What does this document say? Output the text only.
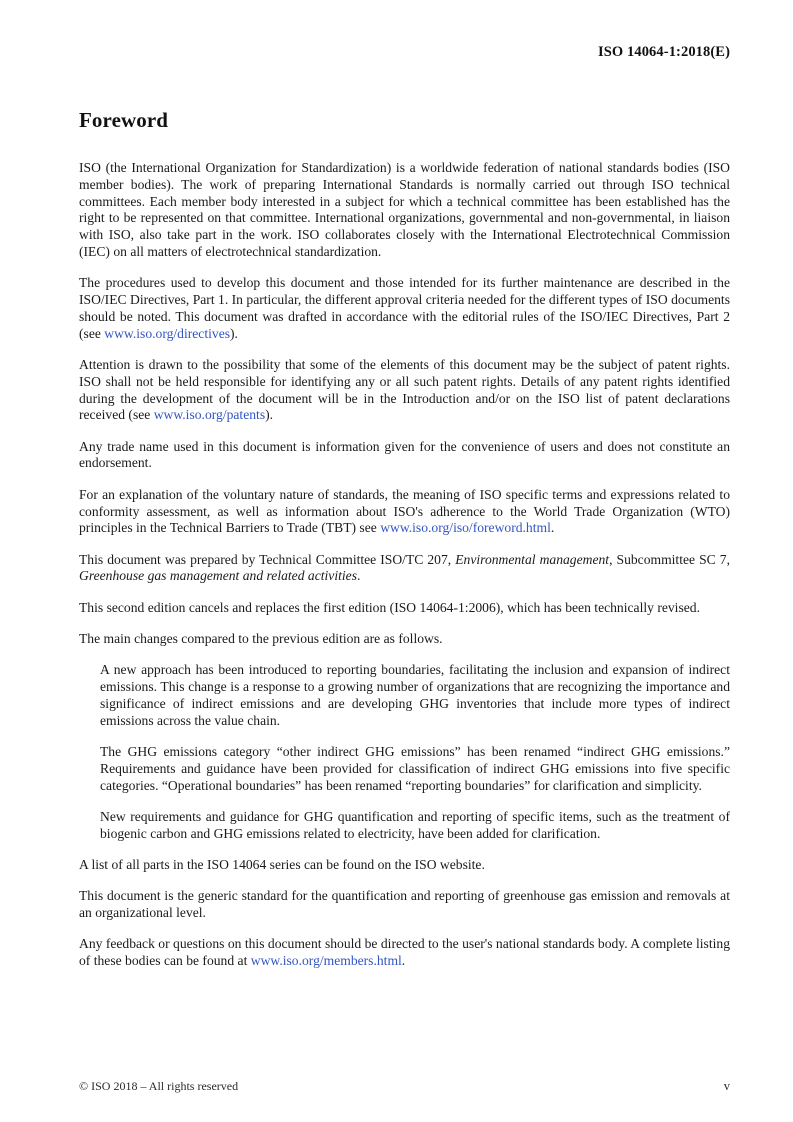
ISO 14064-1:2018(E)
Foreword

ISO (the International Organization for Standardization) is a worldwide federation of national standards bodies (ISO member bodies). The work of preparing International Standards is normally carried out through ISO technical committees. Each member body interested in a subject for which a technical committee has been established has the right to be represented on that committee. International organizations, governmental and non-governmental, in liaison with ISO, also take part in the work. ISO collaborates closely with the International Electrotechnical Commission (IEC) on all matters of electrotechnical standardization.

The procedures used to develop this document and those intended for its further maintenance are described in the ISO/IEC Directives, Part 1. In particular, the different approval criteria needed for the different types of ISO documents should be noted. This document was drafted in accordance with the editorial rules of the ISO/IEC Directives, Part 2 (see www.iso.org/directives).

Attention is drawn to the possibility that some of the elements of this document may be the subject of patent rights. ISO shall not be held responsible for identifying any or all such patent rights. Details of any patent rights identified during the development of the document will be in the Introduction and/or on the ISO list of patent declarations received (see www.iso.org/patents).

Any trade name used in this document is information given for the convenience of users and does not constitute an endorsement.

For an explanation of the voluntary nature of standards, the meaning of ISO specific terms and expressions related to conformity assessment, as well as information about ISO's adherence to the World Trade Organization (WTO) principles in the Technical Barriers to Trade (TBT) see www.iso.org/iso/foreword.html.

This document was prepared by Technical Committee ISO/TC 207, Environmental management, Subcommittee SC 7, Greenhouse gas management and related activities.

This second edition cancels and replaces the first edition (ISO 14064-1:2006), which has been technically revised.

The main changes compared to the previous edition are as follows.

A new approach has been introduced to reporting boundaries, facilitating the inclusion and expansion of indirect emissions. This change is a response to a growing number of organizations that are recognizing the importance and significance of indirect emissions and are developing GHG inventories that include more types of indirect emissions across the value chain.

The GHG emissions category “other indirect GHG emissions” has been renamed “indirect GHG emissions.” Requirements and guidance have been provided for classification of indirect GHG emissions into five specific categories. “Operational boundaries” has been renamed “reporting boundaries” for clarification and simplicity.

New requirements and guidance for GHG quantification and reporting of specific items, such as the treatment of biogenic carbon and GHG emissions related to electricity, have been added for clarification.

A list of all parts in the ISO 14064 series can be found on the ISO website.

This document is the generic standard for the quantification and reporting of greenhouse gas emission and removals at an organizational level.

Any feedback or questions on this document should be directed to the user's national standards body. A complete listing of these bodies can be found at www.iso.org/members.html.

© ISO 2018 – All rights reserved	v
